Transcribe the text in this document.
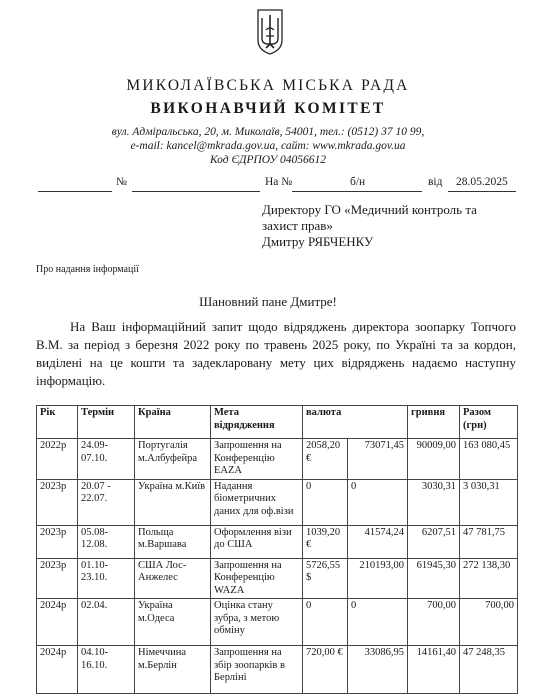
МИКОЛАЇВСЬКА МІСЬКА РАДА
ВИКОНАВЧИЙ КОМІТЕТ
вул. Адміральська, 20, м. Миколаїв, 54001, тел.: (0512) 37 10 99,
e-mail: kancel@mkrada.gov.ua, сайт: www.mkrada.gov.ua
Код ЄДРПОУ 04056612
№	На №	б/н	від 28.05.2025
Директору ГО «Медичний контроль та
захист прав»
Дмитру РЯБЧЕНКУ
Про надання інформації
Шановний пане Дмитре!
На Ваш інформаційний запит щодо відряджень директора зоопарку Топчого В.М. за період з березня 2022 року по травень 2025 року, по Україні та за кордон, виділені на це кошти та задекларовану мету цих відряджень надаємо наступну інформацію.
Рік	Термін	Країна	Мета відрядження	валюта		гривня	Разом (грн)
2022р	24.09-07.10.	Португалія м.Албуфейра	Запрошення на Конференцію EAZA	2058,20 €	73071,45	90009,00	163 080,45
2023р	20.07 - 22.07.	Україна м.Київ	Надання біометричних даних для оф.візи	0	0	3030,31	3 030,31
2023р	05.08-12.08.	Польща м.Варшава	Оформлення візи до США	1039,20 €	41574,24	6207,51	47 781,75
2023р	01.10-23.10.	США Лос-Анжелес	Запрошення на Конференцію WAZA	5726,55 $	210193,00	61945,30	272 138,30
2024р	02.04.	Україна м.Одеса	Оцінка стану зубра, з метою обміну	0	0	700,00	700,00
2024р	04.10-16.10.	Німеччина м.Берлін	Запрошення на збір зоопарків в Берліні	720,00 €	33086,95	14161,40	47 248,35
